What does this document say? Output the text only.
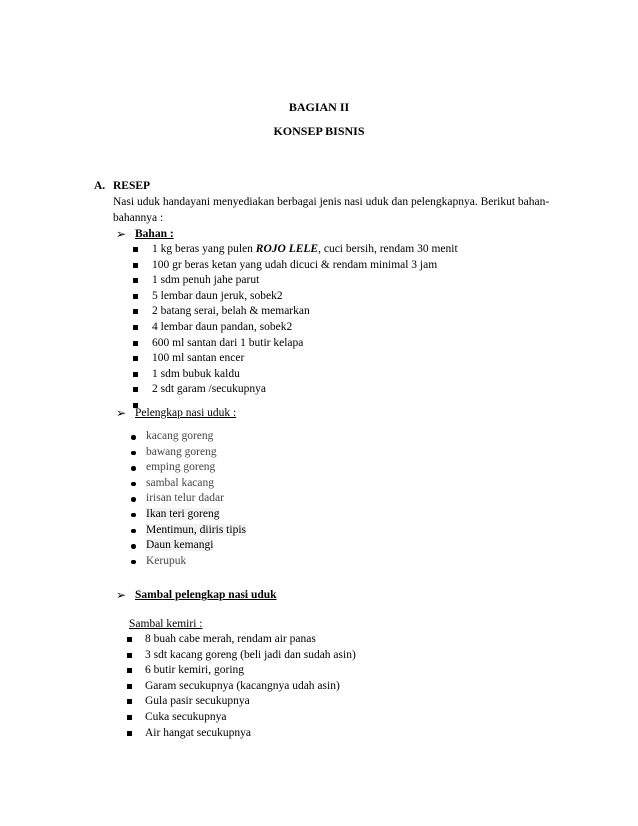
BAGIAN II
KONSEP BISNIS
A. RESEP
Nasi uduk handayani menyediakan berbagai jenis nasi uduk dan pelengkapnya. Berikut bahan-
bahannya :
➢ Bahan :
1 kg beras yang pulen ROJO LELE, cuci bersih, rendam 30 menit
100 gr beras ketan yang udah dicuci & rendam minimal 3 jam
1 sdm penuh jahe parut
5 lembar daun jeruk, sobek2
2 batang serai, belah & memarkan
4 lembar daun pandan, sobek2
600 ml santan dari 1 butir kelapa
100 ml santan encer
1 sdm bubuk kaldu
2 sdt garam /secukupnya
➢ Pelengkap nasi uduk :
kacang goreng
bawang goreng
emping goreng
sambal kacang
irisan telur dadar
Ikan teri goreng
Mentimun, diiris tipis
Daun kemangi
Kerupuk
➢ Sambal pelengkap nasi uduk
Sambal kemiri :
8 buah cabe merah, rendam air panas
3 sdt kacang goreng (beli jadi dan sudah asin)
6 butir kemiri, goring
Garam secukupnya (kacangnya udah asin)
Gula pasir secukupnya
Cuka secukupnya
Air hangat secukupnya
